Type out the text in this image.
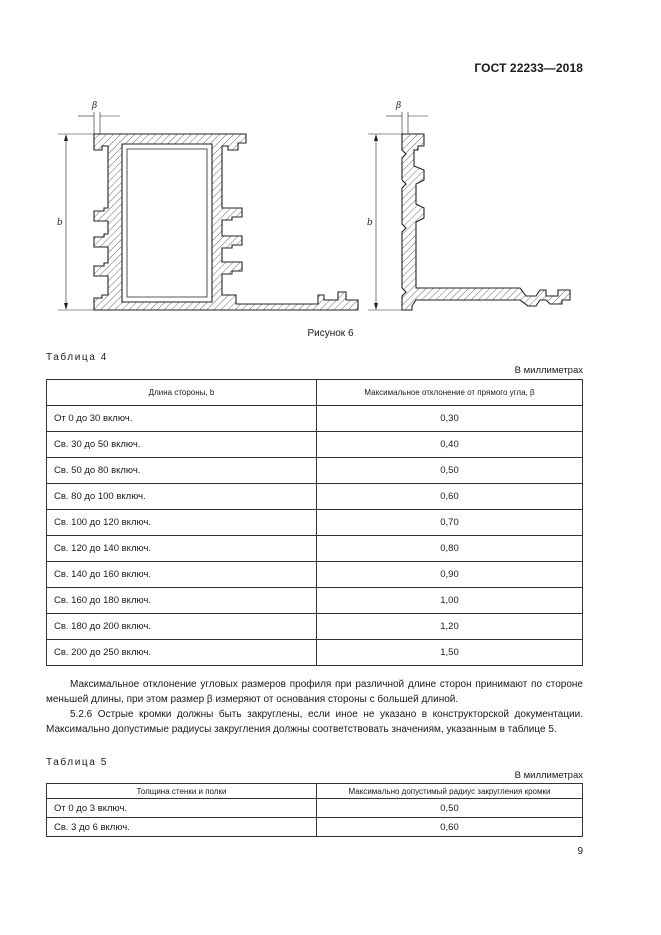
ГОСТ 22233—2018
β
b
β
b
Рисунок 6
Таблица 4
В миллиметрах
Длина стороны, b	Максимальное отклонение от прямого угла, β
От 0 до 30 включ.	0,30
Св. 30 до 50 включ.	0,40
Св. 50 до 80 включ.	0,50
Св. 80 до 100 включ.	0,60
Св. 100 до 120 включ.	0,70
Св. 120 до 140 включ.	0,80
Св. 140 до 160 включ.	0,90
Св. 160 до 180 включ.	1,00
Св. 180 до 200 включ.	1,20
Св. 200 до 250 включ.	1,50

Максимальное отклонение угловых размеров профиля при различной длине сторон принимают по стороне меньшей длины, при этом размер β измеряют от основания стороны с большей длиной.

5.2.6 Острые кромки должны быть закруглены, если иное не указано в конструкторской документации. Максимально допустимые радиусы закругления должны соответствовать значениям, указанным в таблице 5.

Таблица 5
В миллиметрах
Толщина стенки и полки	Максимально допустимый радиус закругления кромки
От 0 до 3 включ.	0,50
Св. 3 до 6 включ.	0,60
9
